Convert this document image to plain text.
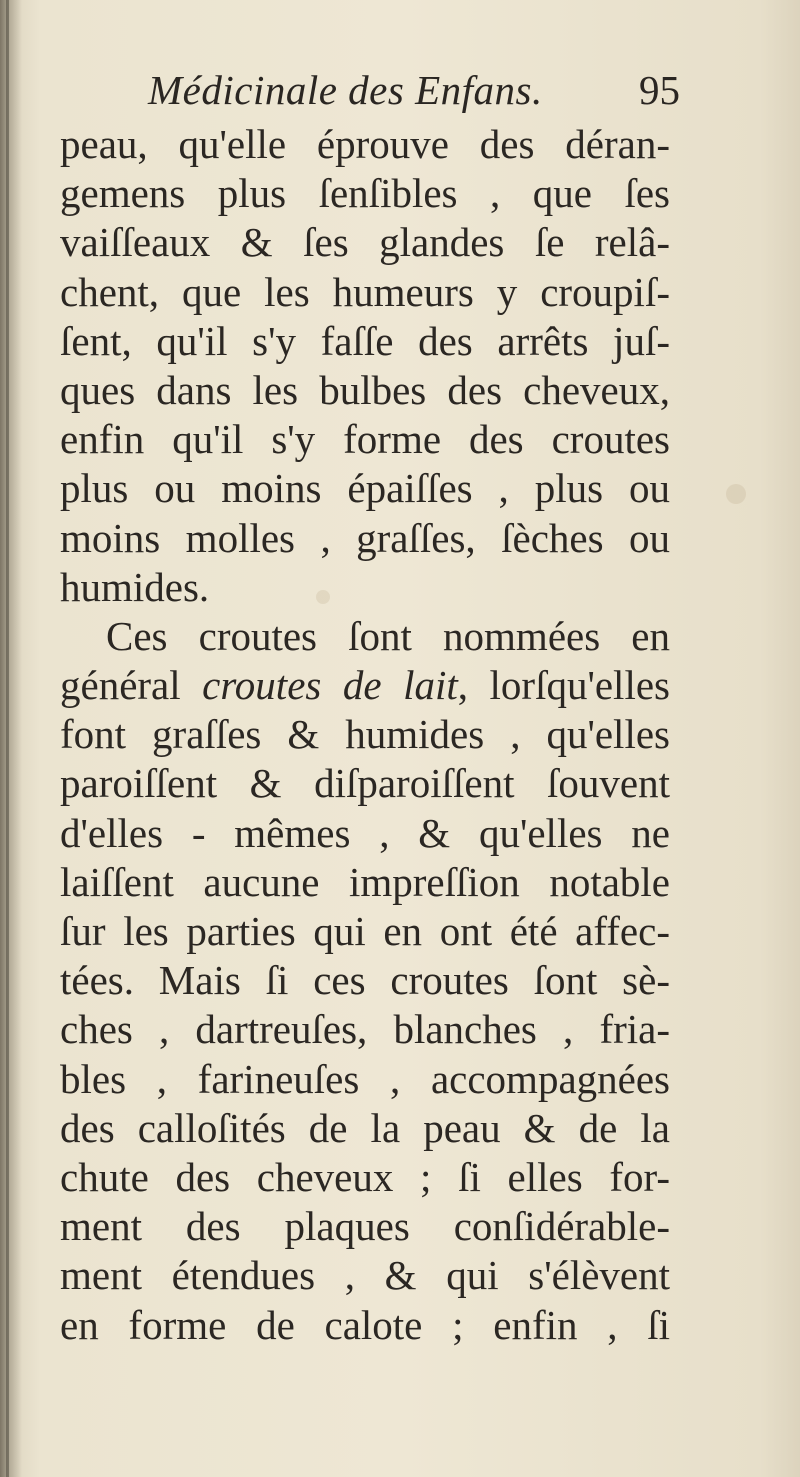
Médicinale des Enfans. 95
peau, qu'elle éprouve des déran-
gemens plus ſenſibles , que ſes
vaiſſeaux & ſes glandes ſe relâ-
chent, que les humeurs y croupiſ-
ſent, qu'il s'y faſſe des arrêts juſ-
ques dans les bulbes des cheveux,
enfin qu'il s'y forme des croutes
plus ou moins épaiſſes , plus ou
moins molles , graſſes, ſèches ou
humides.
Ces croutes ſont nommées en
général croutes de lait, lorſqu'elles
font graſſes & humides , qu'elles
paroiſſent & diſparoiſſent ſouvent
d'elles - mêmes , & qu'elles ne
laiſſent aucune impreſſion notable
ſur les parties qui en ont été affec-
tées. Mais ſi ces croutes ſont sè-
ches , dartreuſes, blanches , fria-
bles , farineuſes , accompagnées
des calloſités de la peau & de la
chute des cheveux ; ſi elles for-
ment des plaques conſidérable-
ment étendues , & qui s'élèvent
en forme de calote ; enfin , ſi
